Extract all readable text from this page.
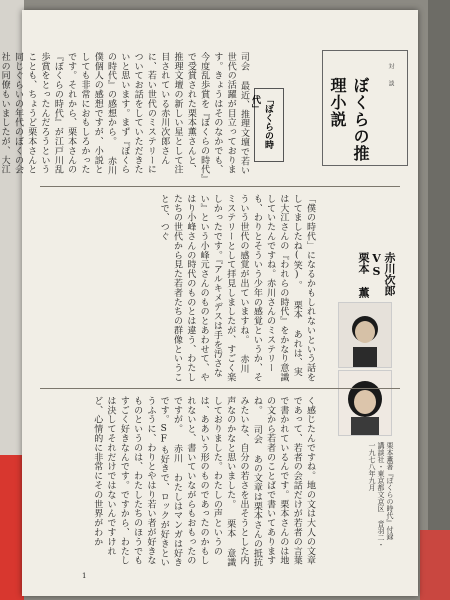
対 談
ぼくらの推理小説
「ぼくらの時代」
司会 最近、推理文壇で若い世代の活躍が目立っております。きょうはそのなかでも、今度乱歩賞を『ぼくらの時代』で受賞された栗本薫さんと、推理文壇の新しい星として注目されている赤川次郎さんに、若い世代のミステリーについてお話をしていただきたいと思います。まず『ぼくらの時代』の感想から。 赤川 僕個人の感想ですが、小説としても非常におもしろかったです。それから、栗本さんの『ぼくらの時代』が江戸川乱歩賞をとったんだろうということも、ちょうど栗本さんと同じぐらいの年代のぼくの会社の同僚もいましたが、大江
赤川次郎
VS
栗本 薫
「僕の時代」になるかもしれないという話をしてましたね(笑)。 栗本 あれは、実は大江さんの『われらの時代』をかなり意識していたんですね。赤川さんのミステリーも、わりとそういう少年の感覚というか、そういう世代の感覚が出ていますね。 赤川 ミステリーとして拝見しましたが、すごく楽しかったです。『アルキメデスは手を汚さない』という小峰元さんのものとあわせて、やはり小峰さんの時代のものとは違う、わたしたちの世代から見た若者たちの群像ということで、つぐ
く感じたんですね。地の文は大人の文章であって、若者の会話だけが若者の言葉で書かれているんです。栗本さんのは地の文から若者のことばで書いてありますね。 司会 あの文章は栗本さんの抵抗みたいな、自分の若さを出そうとした内声なのかなと思いました。 栗本 意識しておりました。わたしの声というのは、ああいう形のものであったのかもしれないと、書いていながらもおもったのですが。 赤川 わたしはマンガは好きです。SFも好きで、ロックが好きというふうに、わりとやはり若い者が好きなものというのは、わたしたちのほうでもすごく好きなんです。ですから、わたしは決してそれだけではないんですけれど、心情的に非常にその世界がわか	栗本薫著『ぼくらの時代』付録 講談社・東京都文京区 音羽二・一九七八年九月
1
